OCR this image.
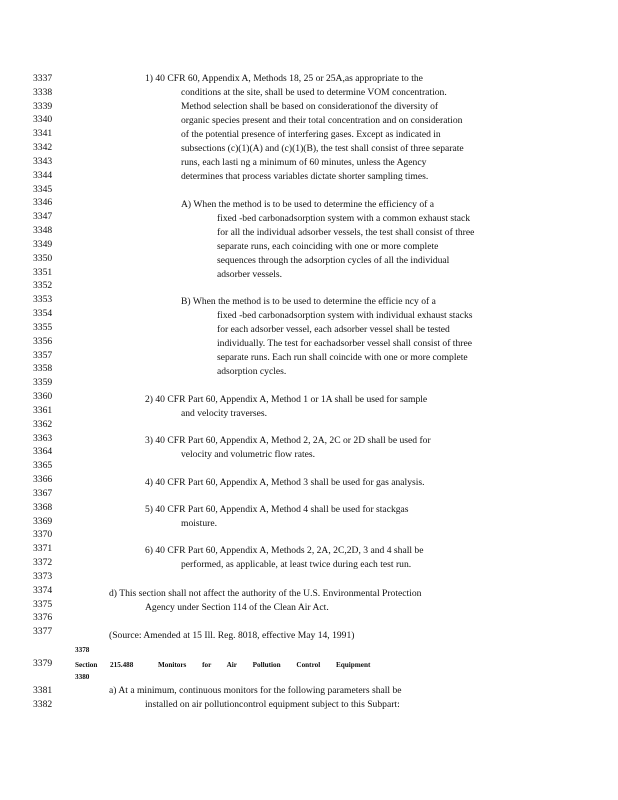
3337
3338
3339
3340
3341
3342
3343
3344
3345
3346
3347
3348
3349
3350
3351
3352
3353
3354
3355
3356
3357
3358
3359
3360
3361
3362
3363
3364
3365
3366
3367
3368
3369
3370
3371
3372
3373
3374
3375
3376
3377
1) 40 CFR 60, Appendix A, Methods 18, 25 or 25A,as appropriate to the
conditions at the site, shall be used to determine VOM concentration.
Method selection shall be based on considerationof the diversity of
organic species present and their total concentration and on consideration
of the potential presence of interfering gases. Except as indicated in
subsections (c)(1)(A) and (c)(1)(B), the test shall consist of three separate
runs, each lasti ng a minimum of 60 minutes, unless the Agency
determines that process variables dictate shorter sampling times.
A) When the method is to be used to determine the efficiency of a
fixed -bed carbonadsorption system with a common exhaust stack
for all the individual adsorber vessels, the test shall consist of three
separate runs, each coinciding with one or more complete
sequences through the adsorption cycles of all the individual
adsorber vessels.
B) When the method is to be used to determine the efficie ncy of a
fixed -bed carbonadsorption system with individual exhaust stacks
for each adsorber vessel, each adsorber vessel shall be tested
individually. The test for eachadsorber vessel shall consist of three
separate runs. Each run shall coincide with one or more complete
adsorption cycles.
2) 40 CFR Part 60, Appendix A, Method 1 or 1A shall be used for sample
and velocity traverses.
3) 40 CFR Part 60, Appendix A, Method 2, 2A, 2C or 2D shall be used for
velocity and volumetric flow rates.
4) 40 CFR Part 60, Appendix A, Method 3 shall be used for gas analysis.
5) 40 CFR Part 60, Appendix A, Method 4 shall be used for stackgas
moisture.
6) 40 CFR Part 60, Appendix A, Methods 2, 2A, 2C,2D, 3 and 4 shall be
performed, as applicable, at least twice during each test run.
d) This section shall not affect the authority of the U.S. Environmental Protection
Agency under Section 114 of the Clean Air Act.
(Source: Amended at 15 Ill. Reg. 8018, effective May 14, 1991)
3378
3379	Section 215.488	Monitors for Air Pollution Control Equipment
3380
3381	a) At a minimum, continuous monitors for the following parameters shall be
3382	installed on air pollutioncontrol equipment subject to this Subpart:
